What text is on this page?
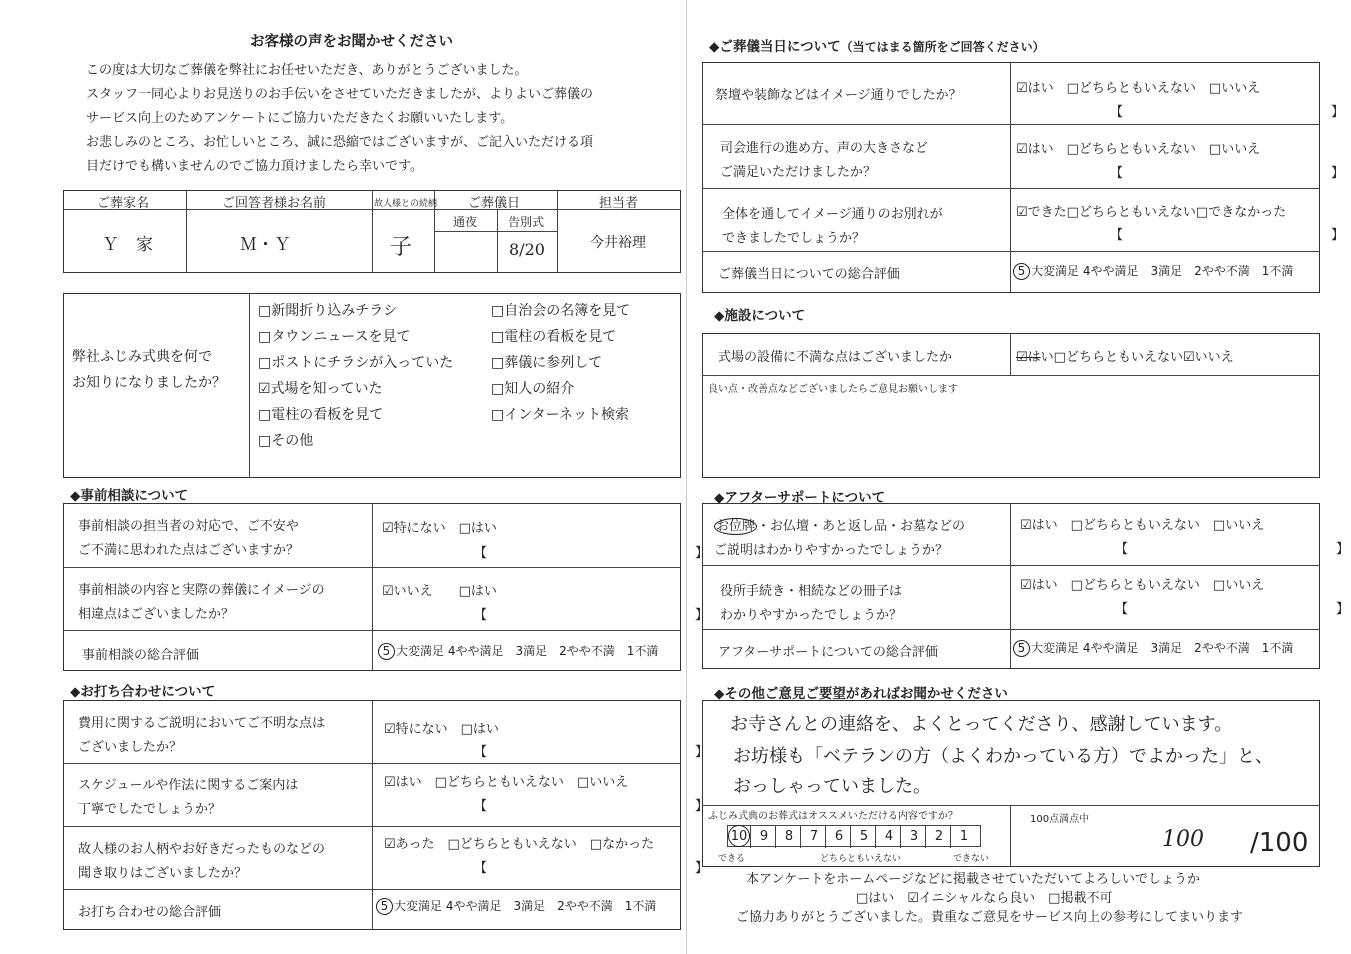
お客様の声をお聞かせください
この度は大切なご葬儀を弊社にお任せいただき、ありがとうございました。
スタッフ一同心よりお見送りのお手伝いをさせていただきましたが、よりよいご葬儀の
サービス向上のためアンケートにご協力いただきたくお願いいたします。
お悲しみのところ、お忙しいところ、誠に恐縮ではございますが、ご記入いただける項
目だけでも構いませんのでご協力頂けましたら幸いです。
ご葬家名	ご回答者様お名前	故人様との続柄 ご葬儀日	担当者
通夜	告別式
Ｙ　家	Ｍ・Ｙ	子	8/20	今井裕理
弊社ふじみ式典を何で
お知りになりましたか？
□新聞折り込みチラシ
□タウンニュースを見て
□ポストにチラシが入っていた
☑式場を知っていた
□電柱の看板を見て
□その他
□自治会の名簿を見て
□電柱の看板を見て
□葬儀に参列して
□知人の紹介
□インターネット検索
◆事前相談について
事前相談の担当者の対応で、ご不安や
ご不満に思われた点はございますか？
☑特にない　□はい
【　　　　　　　　　　　　　　　　】
事前相談の内容と実際の葬儀にイメージの
相違点はございましたか？
☑いいえ　　□はい
【　　　　　　　　　　　　　　　　】
事前相談の総合評価	5 大変満足 4やや満足　3満足　2やや不満　1不満
◆お打ち合わせについて
費用に関するご説明においてご不明な点は
ございましたか？
☑特にない　□はい
【　　　　　　　　　　　　　　　　】
スケジュールや作法に関するご案内は
丁寧でしたでしょうか？
☑はい　□どちらともいえない　□いいえ
【　　　　　　　　　　　　　　　　】
故人様のお人柄やお好きだったものなどの
聞き取りはございましたか？
☑あった　□どちらともいえない　□なかった
【　　　　　　　　　　　　　　　　】
お打ち合わせの総合評価	5 大変満足 4やや満足　3満足　2やや不満　1不満
◆ご葬儀当日について（当てはまる箇所をご回答ください）
祭壇や装飾などはイメージ通りでしたか？	☑はい　□どちらともいえない　□いいえ
【　　　　　　　　　　　　　　　　】
司会進行の進め方、声の大きさなど
ご満足いただけましたか？
☑はい　□どちらともいえない　□いいえ
【　　　　　　　　　　　　　　　　】
全体を通してイメージ通りのお別れが
できましたでしょうか？
☑できた□どちらともいえない□できなかった
【　　　　　　　　　　　　　　　　】
ご葬儀当日についての総合評価	5 大変満足 4やや満足　3満足　2やや不満　1不満
◆施設について
式場の設備に不満な点はございましたか	☑はい□どちらともいえない☑いいえ
良い点・改善点などございましたらご意見お願いします
◆アフターサポートについて
お位牌 ・お仏壇・あと返し品・お墓などの
ご説明はわかりやすかったでしょうか？
☑はい　□どちらともいえない　□いいえ
【　　　　　　　　　　　　　　　　】
役所手続き・相続などの冊子は
わかりやすかったでしょうか？
☑はい　□どちらともいえない　□いいえ
【　　　　　　　　　　　　　　　　】
アフターサポートについての総合評価	5 大変満足 4やや満足　3満足　2やや不満　1不満
◆その他ご意見ご要望があればお聞かせください
お寺さんとの連絡を、よくとってくださり、感謝しています。
お坊様も「ベテランの方（よくわかっている方）でよかった」と、
おっしゃっていました。
ふじみ式典のお葬式はオススメいただける内容ですか？
10 9	8	7	6	5	4	3	2	1
できる	どちらともいえない	できない
100点満点中
100 /100
本アンケートをホームページなどに掲載させていただいてよろしいでしょうか
□はい　☑イニシャルなら良い　□掲載不可
ご協力ありがとうございました。貴重なご意見をサービス向上の参考にしてまいります
